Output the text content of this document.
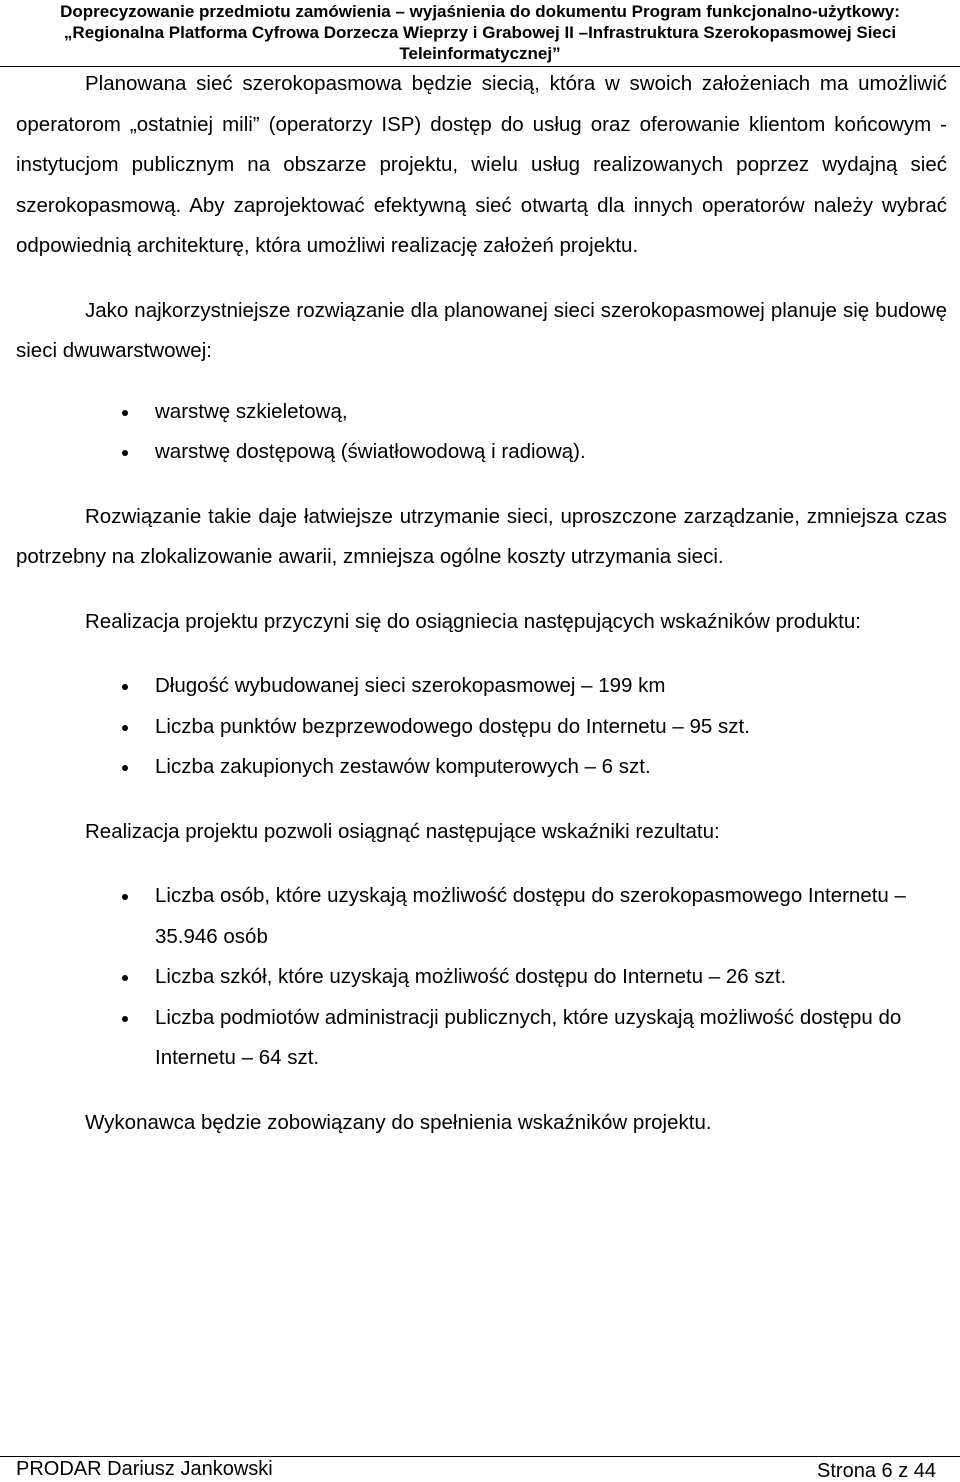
Doprecyzowanie przedmiotu zamówienia – wyjaśnienia do dokumentu Program funkcjonalno-użytkowy:
„Regionalna Platforma Cyfrowa Dorzecza Wieprzy i Grabowej II –Infrastruktura Szerokopasmowej Sieci
Teleinformatycznej”

Planowana sieć szerokopasmowa będzie siecią, która w swoich założeniach ma umożliwić operatorom „ostatniej mili” (operatorzy ISP) dostęp do usług oraz oferowanie klientom końcowym - instytucjom publicznym na obszarze projektu, wielu usług realizowanych poprzez wydajną sieć szerokopasmową. Aby zaprojektować efektywną sieć otwartą dla innych operatorów należy wybrać odpowiednią architekturę, która umożliwi realizację założeń projektu.

Jako najkorzystniejsze rozwiązanie dla planowanej sieci szerokopasmowej planuje się budowę sieci dwuwarstwowej:

warstwę szkieletową,
warstwę dostępową (światłowodową i radiową).

Rozwiązanie takie daje łatwiejsze utrzymanie sieci, uproszczone zarządzanie, zmniejsza czas potrzebny na zlokalizowanie awarii, zmniejsza ogólne koszty utrzymania sieci.

Realizacja projektu przyczyni się do osiągniecia następujących wskaźników produktu:

Długość wybudowanej sieci szerokopasmowej – 199 km
Liczba punktów bezprzewodowego dostępu do Internetu – 95 szt.
Liczba zakupionych zestawów komputerowych – 6 szt.

Realizacja projektu pozwoli osiągnąć następujące wskaźniki rezultatu:

Liczba osób, które uzyskają możliwość dostępu do szerokopasmowego Internetu – 35.946 osób
Liczba szkół, które uzyskają możliwość dostępu do Internetu – 26 szt.
Liczba podmiotów administracji publicznych, które uzyskają możliwość dostępu do Internetu – 64 szt.

Wykonawca będzie zobowiązany do spełnienia wskaźników projektu.

PRODAR Dariusz Jankowski	Strona 6 z 44
